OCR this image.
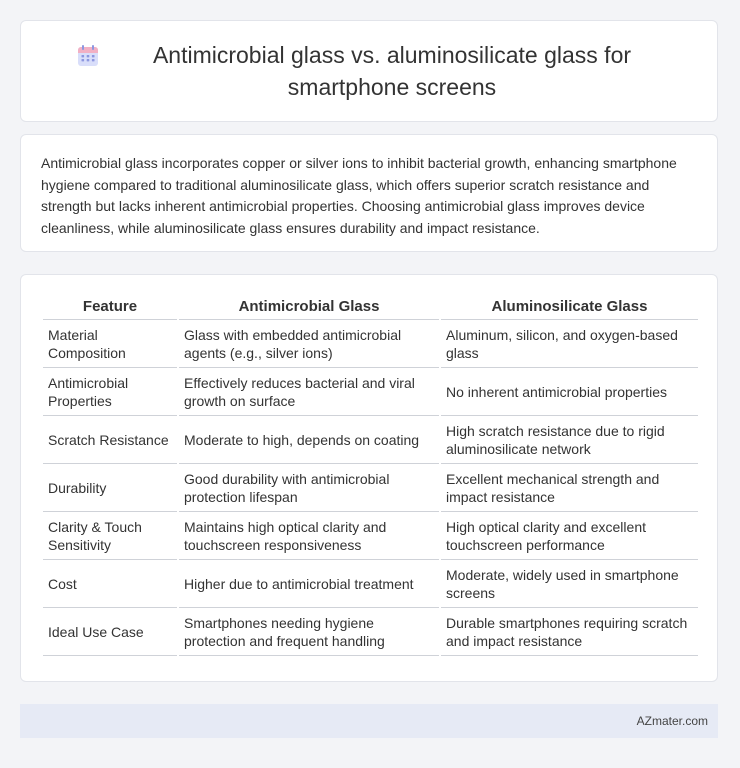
Antimicrobial glass vs. aluminosilicate glass for smartphone screens

Antimicrobial glass incorporates copper or silver ions to inhibit bacterial growth, enhancing smartphone hygiene compared to traditional aluminosilicate glass, which offers superior scratch resistance and strength but lacks inherent antimicrobial properties. Choosing antimicrobial glass improves device cleanliness, while aluminosilicate glass ensures durability and impact resistance.

Feature	Antimicrobial Glass	Aluminosilicate Glass
Material Composition	Glass with embedded antimicrobial agents (e.g., silver ions)	Aluminum, silicon, and oxygen-based glass
Antimicrobial Properties	Effectively reduces bacterial and viral growth on surface	No inherent antimicrobial properties
Scratch Resistance	Moderate to high, depends on coating	High scratch resistance due to rigid aluminosilicate network
Durability	Good durability with antimicrobial protection lifespan	Excellent mechanical strength and impact resistance
Clarity & Touch Sensitivity	Maintains high optical clarity and touchscreen responsiveness	High optical clarity and excellent touchscreen performance
Cost	Higher due to antimicrobial treatment	Moderate, widely used in smartphone screens
Ideal Use Case	Smartphones needing hygiene protection and frequent handling	Durable smartphones requiring scratch and impact resistance
AZmater.com
